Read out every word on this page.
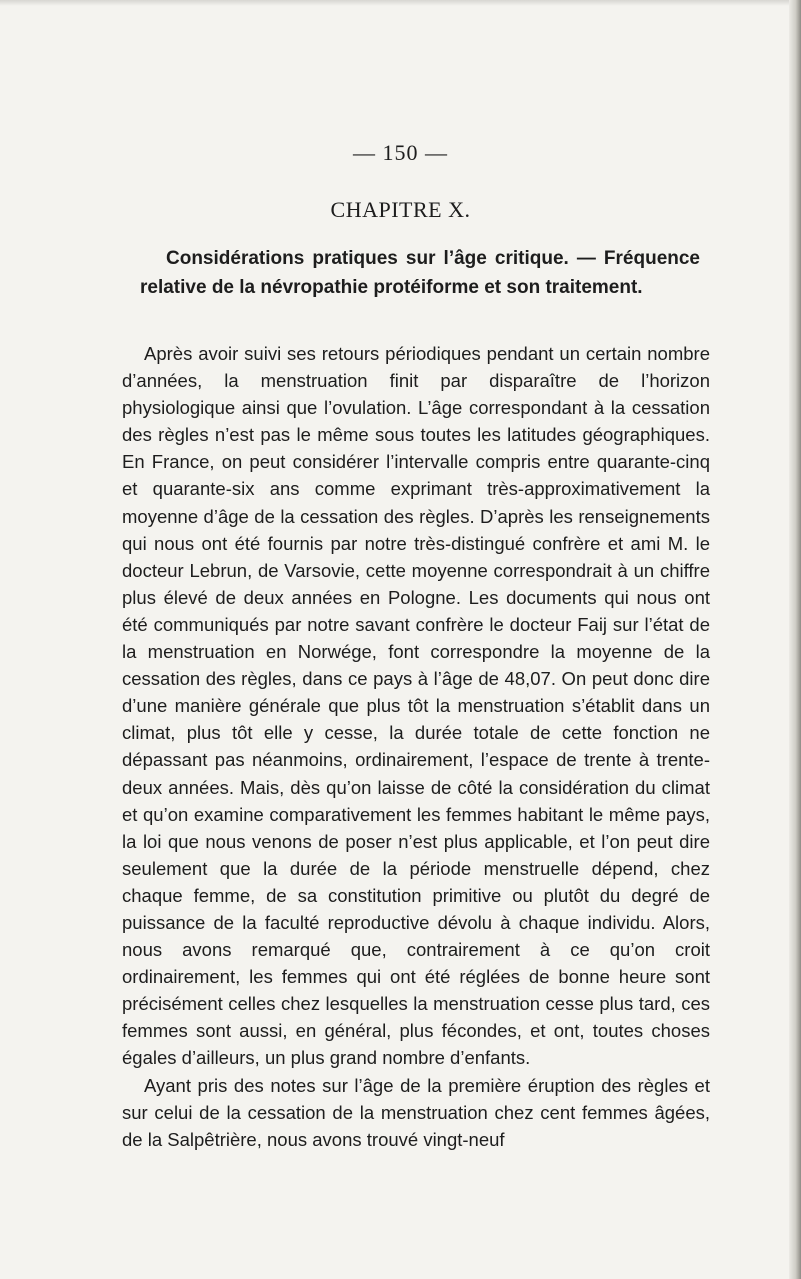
— 150 —
CHAPITRE X.

Considérations pratiques sur l’âge critique. — Fréquence relative de la névropathie protéiforme et son traitement.

Après avoir suivi ses retours périodiques pendant un certain nombre d’années, la menstruation finit par disparaître de l’horizon physiologique ainsi que l’ovulation. L’âge correspondant à la cessation des règles n’est pas le même sous toutes les latitudes géographiques. En France, on peut considérer l’intervalle compris entre quarante-cinq et quarante-six ans comme exprimant très-approximativement la moyenne d’âge de la cessation des règles. D’après les renseignements qui nous ont été fournis par notre très-distingué confrère et ami M. le docteur Lebrun, de Varsovie, cette moyenne correspondrait à un chiffre plus élevé de deux années en Pologne. Les documents qui nous ont été communiqués par notre savant confrère le docteur Faij sur l’état de la menstruation en Norwége, font correspondre la moyenne de la cessation des règles, dans ce pays à l’âge de 48,07. On peut donc dire d’une manière générale que plus tôt la menstruation s’établit dans un climat, plus tôt elle y cesse, la durée totale de cette fonction ne dépassant pas néanmoins, ordinairement, l’espace de trente à trente-deux années. Mais, dès qu’on laisse de côté la considération du climat et qu’on examine comparativement les femmes habitant le même pays, la loi que nous venons de poser n’est plus applicable, et l’on peut dire seulement que la durée de la période menstruelle dépend, chez chaque femme, de sa constitution primitive ou plutôt du degré de puissance de la faculté reproductive dévolu à chaque individu. Alors, nous avons remarqué que, contrairement à ce qu’on croit ordinairement, les femmes qui ont été réglées de bonne heure sont précisément celles chez lesquelles la menstruation cesse plus tard, ces femmes sont aussi, en général, plus fécondes, et ont, toutes choses égales d’ailleurs, un plus grand nombre d’enfants.

Ayant pris des notes sur l’âge de la première éruption des règles et sur celui de la cessation de la menstruation chez cent femmes âgées, de la Salpêtrière, nous avons trouvé vingt-neuf
